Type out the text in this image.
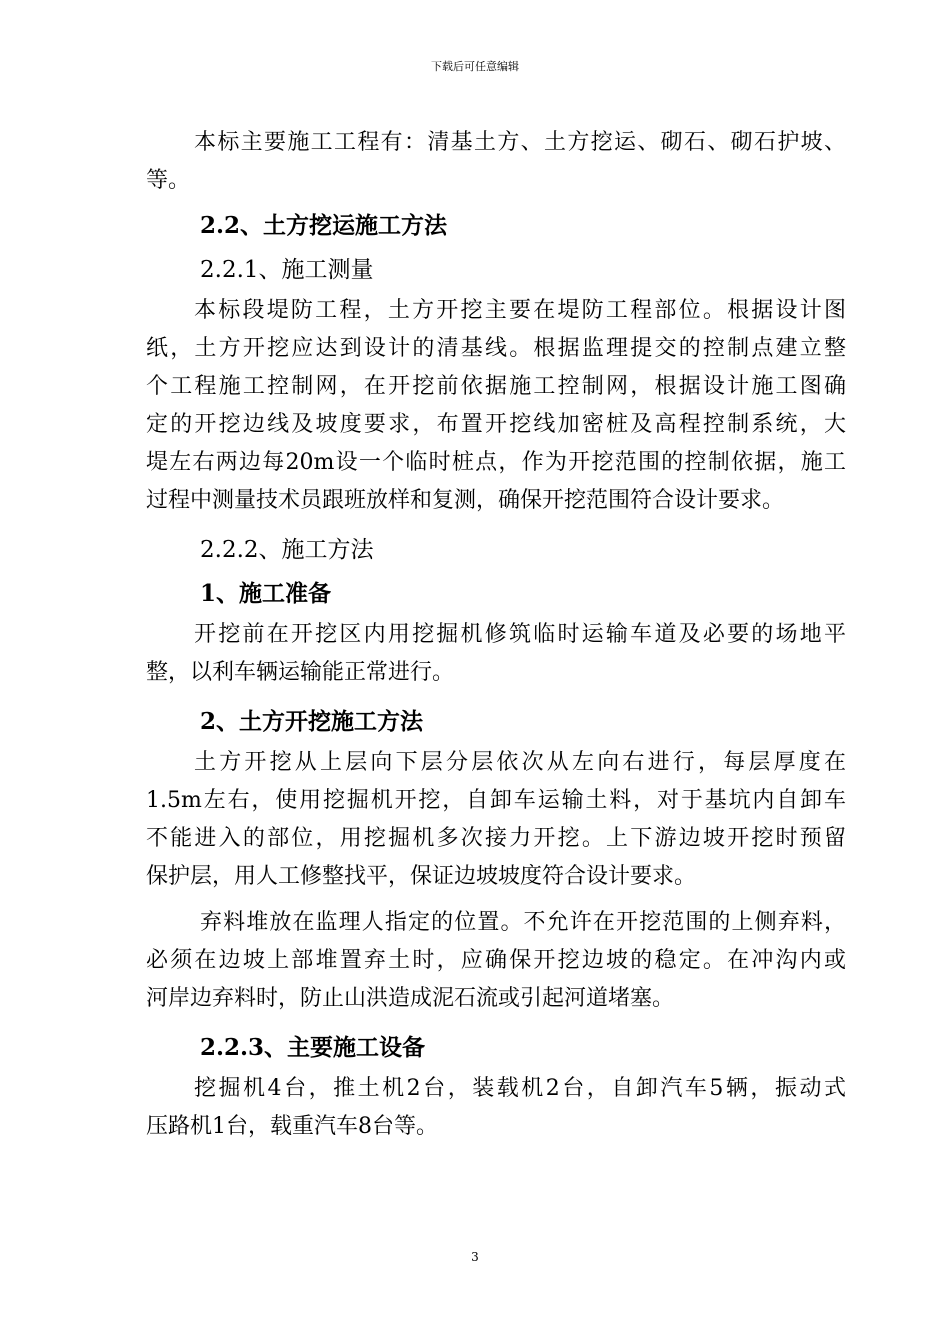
下载后可任意编辑
本标主要施工工程有：清基土方、土方挖运、砌石、砌石护坡、
等。
2.2、土方挖运施工方法
2.2.1、施工测量
本标段堤防工程，土方开挖主要在堤防工程部位。根据设计图
纸，土方开挖应达到设计的清基线。根据监理提交的控制点建立整
个工程施工控制网，在开挖前依据施工控制网，根据设计施工图确
定的开挖边线及坡度要求，布置开挖线加密桩及高程控制系统，大
堤左右两边每20m设一个临时桩点，作为开挖范围的控制依据，施工
过程中测量技术员跟班放样和复测，确保开挖范围符合设计要求。
2.2.2、施工方法
1、施工准备
开挖前在开挖区内用挖掘机修筑临时运输车道及必要的场地平
整，以利车辆运输能正常进行。
2、土方开挖施工方法
土方开挖从上层向下层分层依次从左向右进行，每层厚度在
1.5m左右，使用挖掘机开挖，自卸车运输土料，对于基坑内自卸车
不能进入的部位，用挖掘机多次接力开挖。上下游边坡开挖时预留
保护层，用人工修整找平，保证边坡坡度符合设计要求。
弃料堆放在监理人指定的位置。不允许在开挖范围的上侧弃料，
必须在边坡上部堆置弃土时，应确保开挖边坡的稳定。在冲沟内或
河岸边弃料时，防止山洪造成泥石流或引起河道堵塞。
2.2.3、主要施工设备
挖掘机4台，推土机2台，装载机2台，自卸汽车5辆，振动式
压路机1台，载重汽车8台等。
3
